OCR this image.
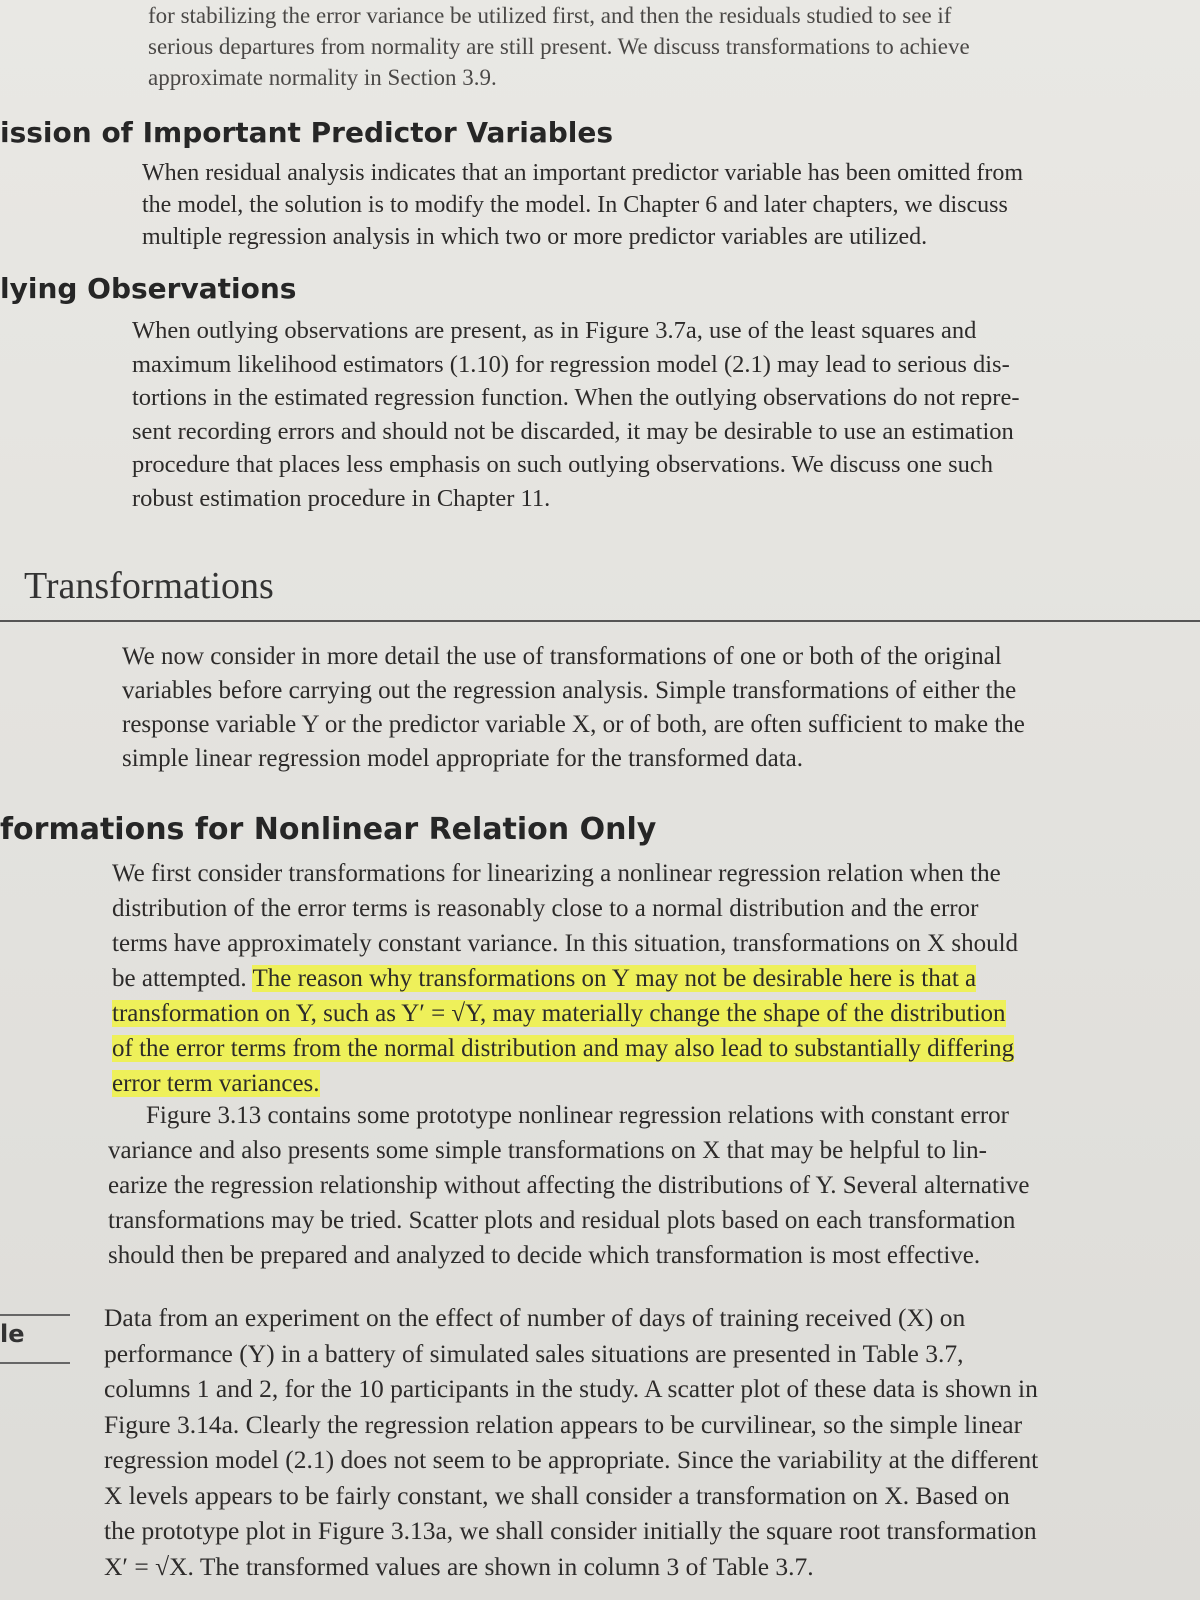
for stabilizing the error variance be utilized first, and then the residuals studied to see if
serious departures from normality are still present. We discuss transformations to achieve
approximate normality in Section 3.9.
ission of Important Predictor Variables
When residual analysis indicates that an important predictor variable has been omitted from
the model, the solution is to modify the model. In Chapter 6 and later chapters, we discuss
multiple regression analysis in which two or more predictor variables are utilized.
lying Observations
When outlying observations are present, as in Figure 3.7a, use of the least squares and
maximum likelihood estimators (1.10) for regression model (2.1) may lead to serious dis-
tortions in the estimated regression function. When the outlying observations do not repre-
sent recording errors and should not be discarded, it may be desirable to use an estimation
procedure that places less emphasis on such outlying observations. We discuss one such
robust estimation procedure in Chapter 11.
Transformations
We now consider in more detail the use of transformations of one or both of the original
variables before carrying out the regression analysis. Simple transformations of either the
response variable Y or the predictor variable X, or of both, are often sufficient to make the
simple linear regression model appropriate for the transformed data.
formations for Nonlinear Relation Only
We first consider transformations for linearizing a nonlinear regression relation when the
distribution of the error terms is reasonably close to a normal distribution and the error
terms have approximately constant variance. In this situation, transformations on X should
be attempted. The reason why transformations on Y may not be desirable here is that a
transformation on Y, such as Y′ = √Y, may materially change the shape of the distribution
of the error terms from the normal distribution and may also lead to substantially differing
error term variances.
Figure 3.13 contains some prototype nonlinear regression relations with constant error
variance and also presents some simple transformations on X that may be helpful to lin-
earize the regression relationship without affecting the distributions of Y. Several alternative
transformations may be tried. Scatter plots and residual plots based on each transformation
should then be prepared and analyzed to decide which transformation is most effective.
le
Data from an experiment on the effect of number of days of training received (X) on
performance (Y) in a battery of simulated sales situations are presented in Table 3.7,
columns 1 and 2, for the 10 participants in the study. A scatter plot of these data is shown in
Figure 3.14a. Clearly the regression relation appears to be curvilinear, so the simple linear
regression model (2.1) does not seem to be appropriate. Since the variability at the different
X levels appears to be fairly constant, we shall consider a transformation on X. Based on
the prototype plot in Figure 3.13a, we shall consider initially the square root transformation
X′ = √X. The transformed values are shown in column 3 of Table 3.7.
